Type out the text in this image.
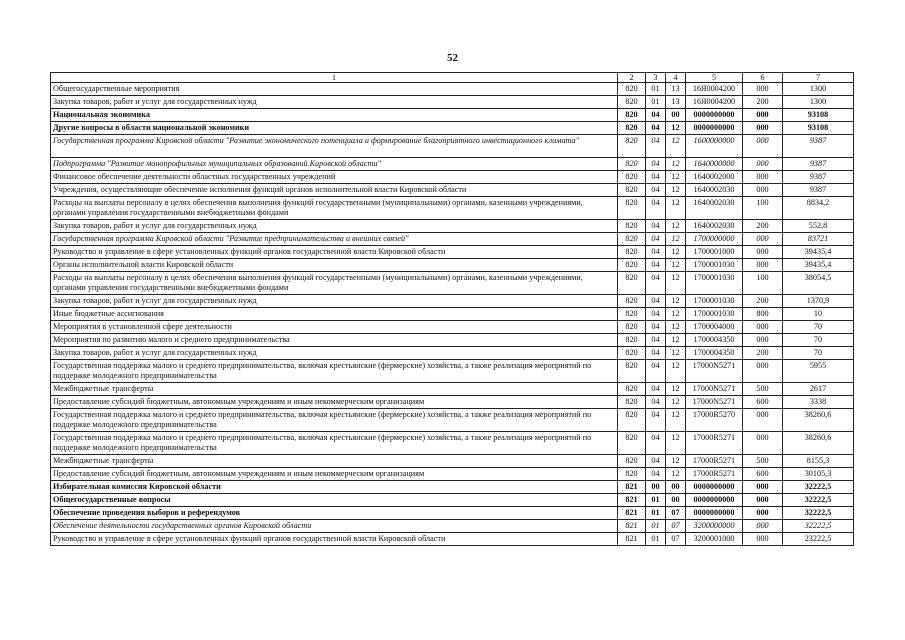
52
1	2	3	4	5	6	7
Общегосударственные мероприятия	820	01	13	16Я0004200	000	1300
Закупка товаров, работ и услуг для государственных нужд	820	01	13	16Я0004200	200	1300
Национальная экономика	820	04	00	0000000000	000	93108
Другие вопросы в области национальной экономики	820	04	12	0000000000	000	93108
Государственная программа Кировской области "Развитие экономического потенциала и формирование благоприятного инвестиционного климата"	820	04	12	1600000000	000	9387
Подпрограмма "Развитие монопрофильных муниципальных образований Кировской области"	820	04	12	1640000000	000	9387
Финансовое обеспечение деятельности областных государственных учреждений	820	04	12	1640002000	000	9387
Учреждения, осуществляющие обеспечение исполнения функций органов исполнительной власти Кировской области	820	04	12	1640002030	000	9387
Расходы на выплаты персоналу в целях обеспечения выполнения функций государственными (муниципальными) органами, казенными учреждениями, органами управления государственными внебюджетными фондами	820	04	12	1640002030	100	8834,2
Закупка товаров, работ и услуг для государственных нужд	820	04	12	1640002030	200	552,8
Государственная программа Кировской области "Развитие предпринимательства и внешних связей"	820	04	12	1700000000	000	83721
Руководство и управление в сфере установленных функций органов государственной власти Кировской области	820	04	12	1700001000	000	39435,4
Органы исполнительной власти Кировской области	820	04	12	1700001030	000	39435,4
Расходы на выплаты персоналу в целях обеспечения выполнения функций государственными (муниципальными) органами, казенными учреждениями, органами управления государственными внебюджетными фондами	820	04	12	1700001030	100	38054,5
Закупка товаров, работ и услуг для государственных нужд	820	04	12	1700001030	200	1370,9
Иные бюджетные ассигнования	820	04	12	1700001030	800	10
Мероприятия в установленной сфере деятельности	820	04	12	1700004000	000	70
Мероприятия по развитию малого и среднего предпринимательства	820	04	12	1700004350	000	70
Закупка товаров, работ и услуг для государственных нужд	820	04	12	1700004350	200	70
Государственная поддержка малого и среднего предпринимательства, включая крестьянские (фермерские) хозяйства, а также реализация мероприятий по поддержке молодежного предпринимательства	820	04	12	17000N5271	000	5955
Межбюджетные трансферты	820	04	12	17000N5271	500	2617
Предоставление субсидий бюджетным, автономным учреждениям и иным некоммерческим организациям	820	04	12	17000N5271	600	3338
Государственная поддержка малого и среднего предпринимательства, включая крестьянские (фермерские) хозяйства, а также реализация мероприятий по поддержке молодежного предпринимательства	820	04	12	17000R5270	000	38260,6
Государственная поддержка малого и среднего предпринимательства, включая крестьянские (фермерские) хозяйства, а также реализация мероприятий по поддержке молодежного предпринимательства	820	04	12	17000R5271	000	38260,6
Межбюджетные трансферты	820	04	12	17000R5271	500	8155,3
Предоставление субсидий бюджетным, автономным учреждениям и иным некоммерческим организациям	820	04	12	17000R5271	600	30105,3
Избирательная комиссия Кировской области	821	00	00	0000000000	000	32222,5
Общегосударственные вопросы	821	01	00	0000000000	000	32222,5
Обеспечение проведения выборов и референдумов	821	01	07	0000000000	000	32222,5
Обеспечение деятельности государственных органов Кировской области	821	01	07	3200000000	000	32222,5
Руководство и управление в сфере установленных функций органов государственной власти Кировской области	821	01	07	3200001000	000	23222,5
